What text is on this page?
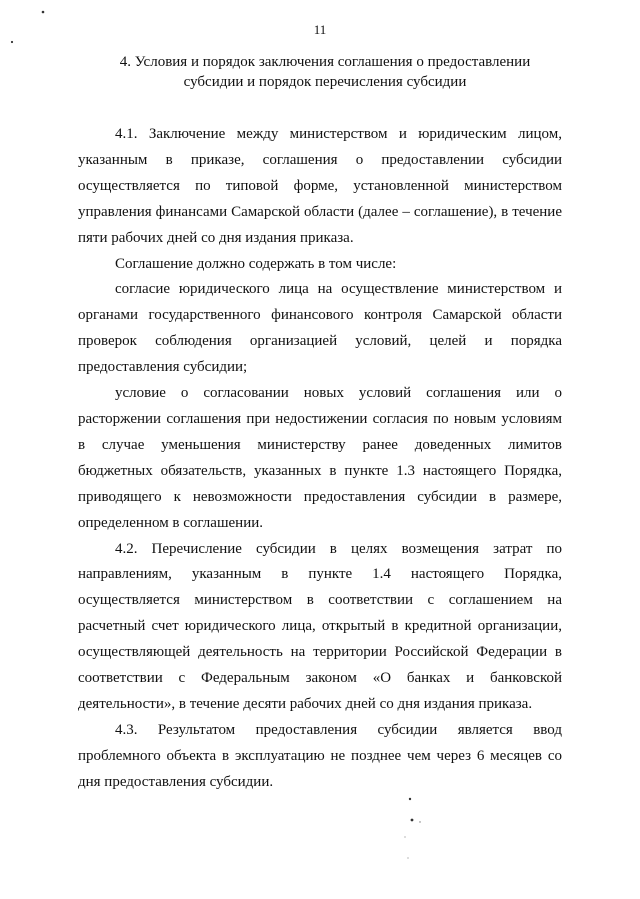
11
4. Условия и порядок заключения соглашения о предоставлении
субсидии и порядок перечисления субсидии

4.1. Заключение между министерством и юридическим лицом, указанным в приказе, соглашения о предоставлении субсидии осуществляется по типовой форме, установленной министерством управления финансами Самарской области (далее – соглашение), в течение пяти рабочих дней со дня издания приказа.

Соглашение должно содержать в том числе:

согласие юридического лица на осуществление министерством и органами государственного финансового контроля Самарской области проверок соблюдения организацией условий, целей и порядка предоставления субсидии;

условие о согласовании новых условий соглашения или о расторжении соглашения при недостижении согласия по новым условиям в случае уменьшения министерству ранее доведенных лимитов бюджетных обязательств, указанных в пункте 1.3 настоящего Порядка, приводящего к невозможности предоставления субсидии в размере, определенном в соглашении.

4.2. Перечисление субсидии в целях возмещения затрат по направлениям, указанным в пункте 1.4 настоящего Порядка, осуществляется министерством в соответствии с соглашением на расчетный счет юридического лица, открытый в кредитной организации, осуществляющей деятельность на территории Российской Федерации в соответствии с Федеральным законом «О банках и банковской деятельности», в течение десяти рабочих дней со дня издания приказа.

4.3. Результатом предоставления субсидии является ввод проблемного объекта в эксплуатацию не позднее чем через 6 месяцев со дня предоставления субсидии.
